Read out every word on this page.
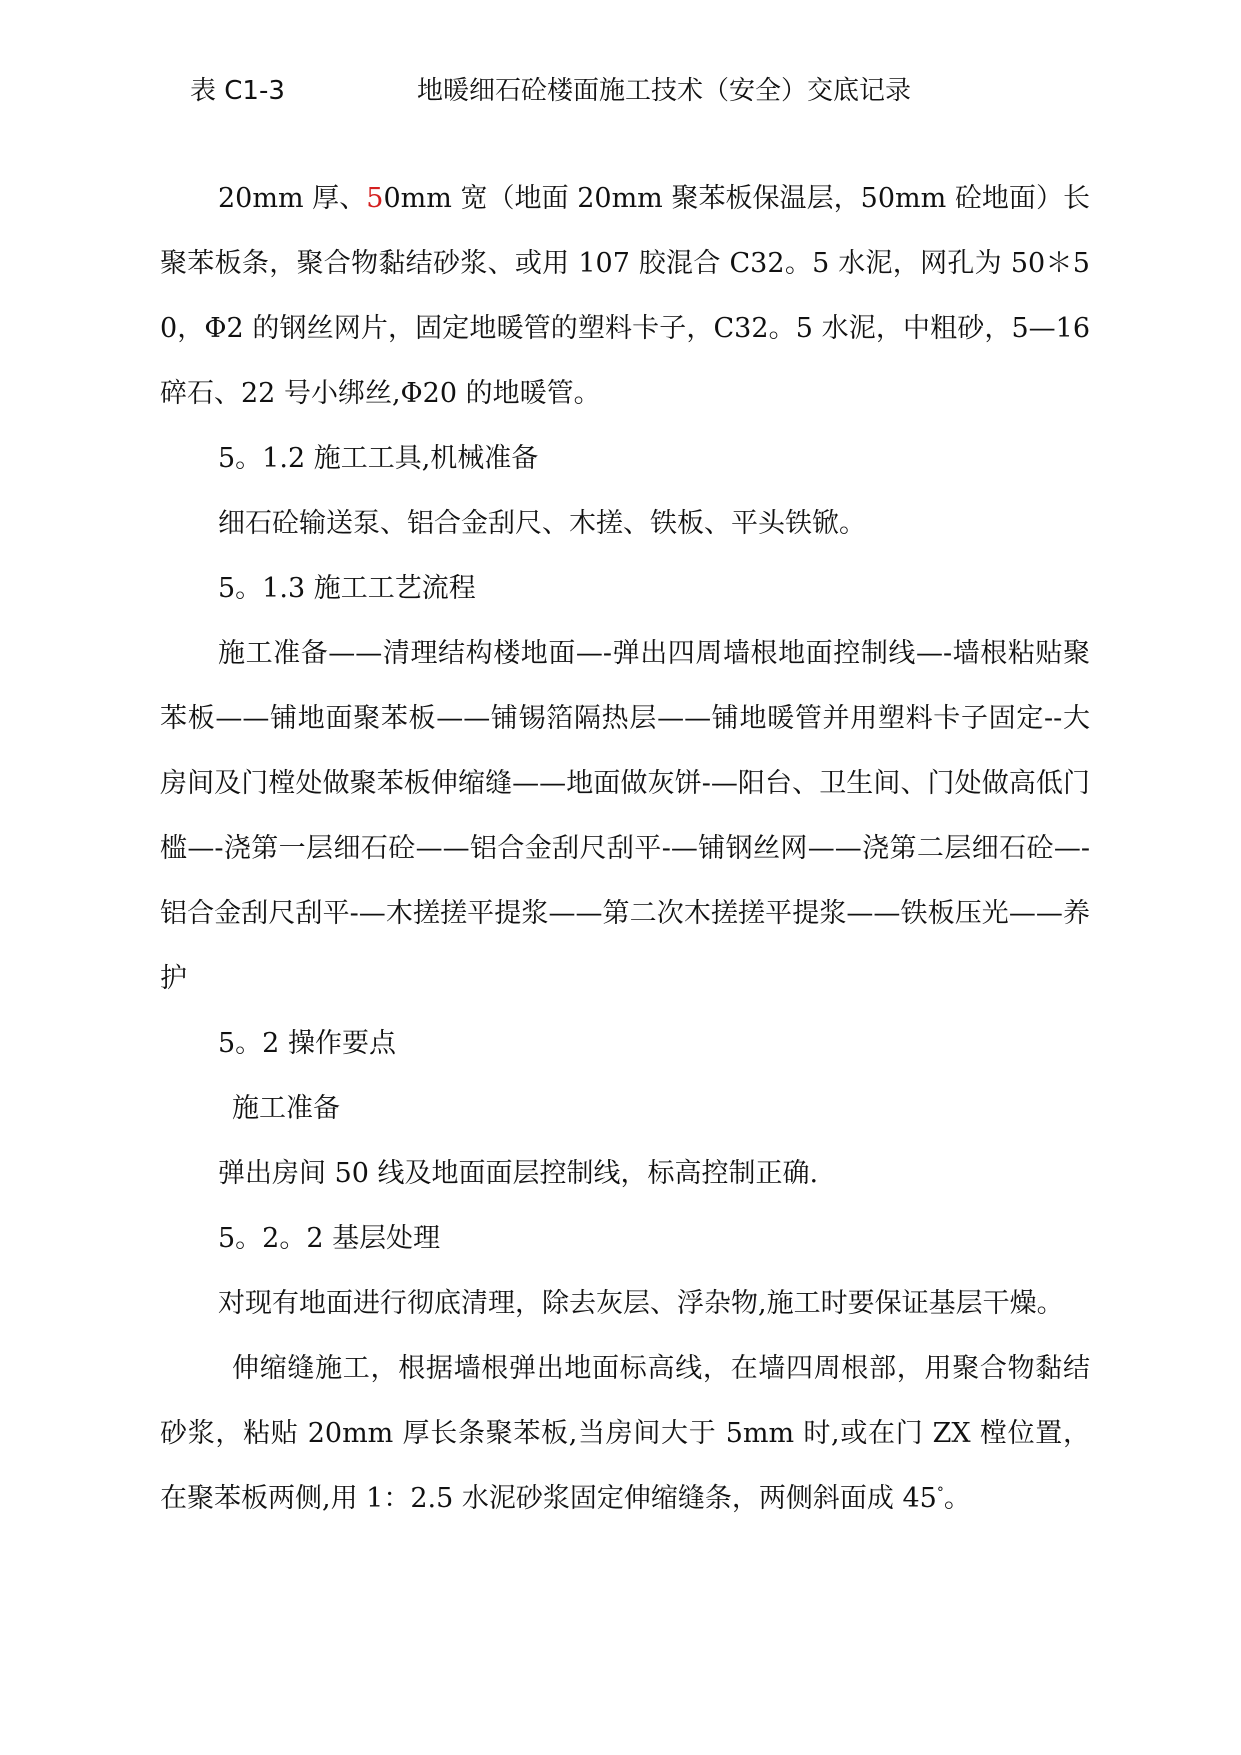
表 C1-3	地暖细石砼楼面施工技术（安全）交底记录

20mm 厚、50mm 宽（地面 20mm 聚苯板保温层，50mm 砼地面）长聚苯板条，聚合物黏结砂浆、或用 107 胶混合 C32。5 水泥，网孔为 50＊50，Φ2 的钢丝网片，固定地暖管的塑料卡子，C32。5 水泥，中粗砂，5—16 碎石、22 号小绑丝,Φ20 的地暖管。

5。1.2 施工工具,机械准备

细石砼输送泵、铝合金刮尺、木搓、铁板、平头铁锨。

5。1.3 施工工艺流程

施工准备——清理结构楼地面—-弹出四周墙根地面控制线—-墙根粘贴聚苯板——铺地面聚苯板——铺锡箔隔热层——铺地暖管并用塑料卡子固定--大房间及门樘处做聚苯板伸缩缝——地面做灰饼-—阳台、卫生间、门处做高低门槛—-浇第一层细石砼——铝合金刮尺刮平-—铺钢丝网——浇第二层细石砼—-铝合金刮尺刮平-—木搓搓平提浆——第二次木搓搓平提浆——铁板压光——养护

5。2 操作要点

施工准备

弹出房间 50 线及地面面层控制线，标高控制正确.

5。2。2 基层处理

对现有地面进行彻底清理，除去灰层、浮杂物,施工时要保证基层干燥。

伸缩缝施工，根据墙根弹出地面标高线，在墙四周根部，用聚合物黏结砂浆，粘贴 20mm 厚长条聚苯板,当房间大于 5mm 时,或在门 ZX 樘位置，在聚苯板两侧,用 1：2.5 水泥砂浆固定伸缩缝条，两侧斜面成 45°。
